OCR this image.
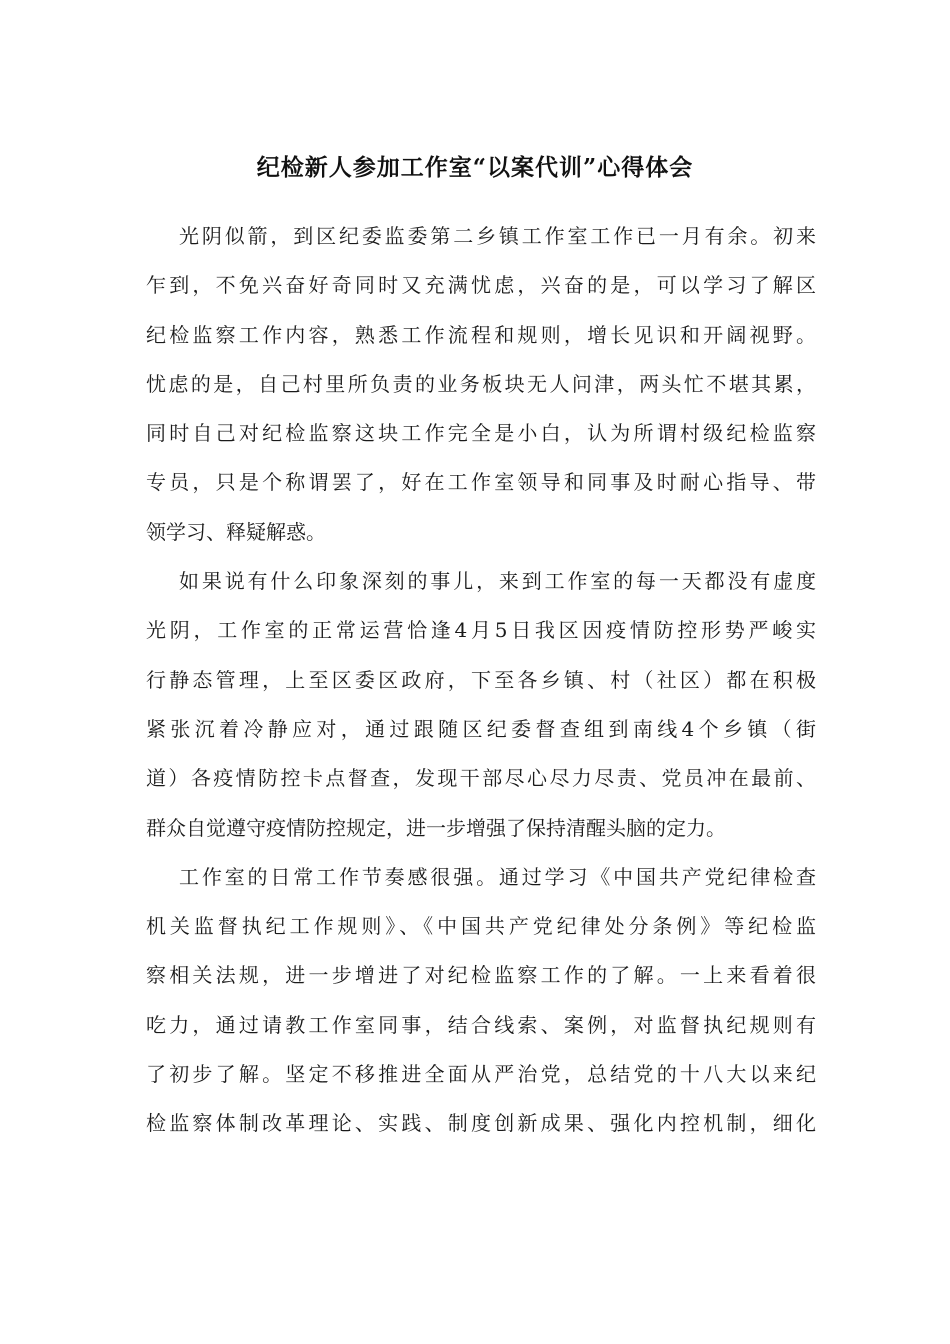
纪检新人参加工作室“以案代训”心得体会
光阴似箭，到区纪委监委第二乡镇工作室工作已一月有余。初来
乍到，不免兴奋好奇同时又充满忧虑，兴奋的是，可以学习了解区
纪检监察工作内容，熟悉工作流程和规则，增长见识和开阔视野。
忧虑的是，自己村里所负责的业务板块无人问津，两头忙不堪其累，
同时自己对纪检监察这块工作完全是小白，认为所谓村级纪检监察
专员，只是个称谓罢了，好在工作室领导和同事及时耐心指导、带
领学习、释疑解惑。
如果说有什么印象深刻的事儿，来到工作室的每一天都没有虚度
光阴，工作室的正常运营恰逢4月5日我区因疫情防控形势严峻实
行静态管理，上至区委区政府，下至各乡镇、村（社区）都在积极
紧张沉着冷静应对，通过跟随区纪委督查组到南线4个乡镇（街
道）各疫情防控卡点督查，发现干部尽心尽力尽责、党员冲在最前、
群众自觉遵守疫情防控规定，进一步增强了保持清醒头脑的定力。
工作室的日常工作节奏感很强。通过学习《中国共产党纪律检查
机关监督执纪工作规则》、《中国共产党纪律处分条例》等纪检监
察相关法规，进一步增进了对纪检监察工作的了解。一上来看着很
吃力，通过请教工作室同事，结合线索、案例，对监督执纪规则有
了初步了解。坚定不移推进全面从严治党，总结党的十八大以来纪
检监察体制改革理论、实践、制度创新成果、强化内控机制，细化
